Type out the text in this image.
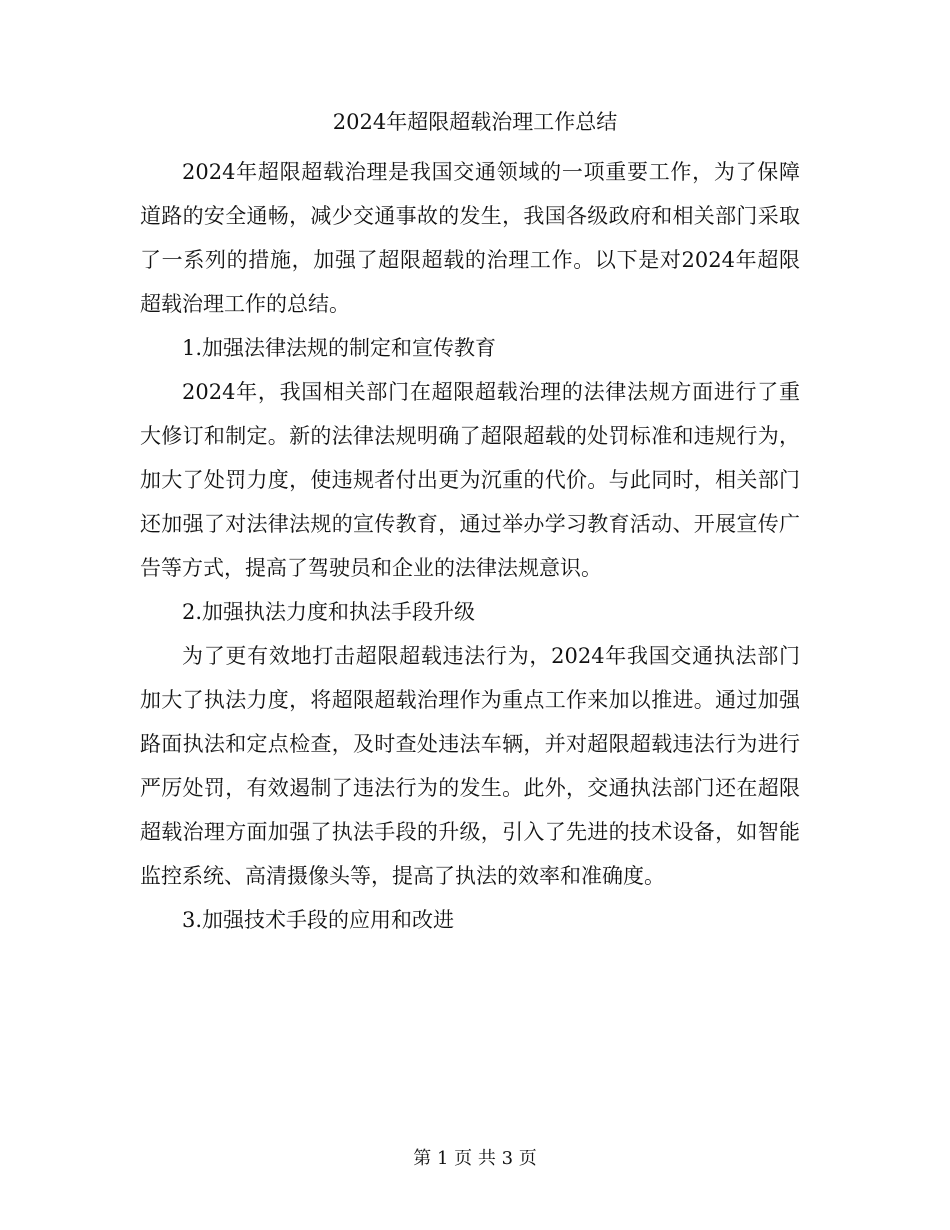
2024年超限超载治理工作总结

2024年超限超载治理是我国交通领域的一项重要工作，为了保障道路的安全通畅，减少交通事故的发生，我国各级政府和相关部门采取了一系列的措施，加强了超限超载的治理工作。以下是对2024年超限超载治理工作的总结。

1.加强法律法规的制定和宣传教育

2024年，我国相关部门在超限超载治理的法律法规方面进行了重大修订和制定。新的法律法规明确了超限超载的处罚标准和违规行为，加大了处罚力度，使违规者付出更为沉重的代价。与此同时，相关部门还加强了对法律法规的宣传教育，通过举办学习教育活动、开展宣传广告等方式，提高了驾驶员和企业的法律法规意识。

2.加强执法力度和执法手段升级

为了更有效地打击超限超载违法行为，2024年我国交通执法部门加大了执法力度，将超限超载治理作为重点工作来加以推进。通过加强路面执法和定点检查，及时查处违法车辆，并对超限超载违法行为进行严厉处罚，有效遏制了违法行为的发生。此外，交通执法部门还在超限超载治理方面加强了执法手段的升级，引入了先进的技术设备，如智能监控系统、高清摄像头等，提高了执法的效率和准确度。

3.加强技术手段的应用和改进

第 1 页 共 3 页
